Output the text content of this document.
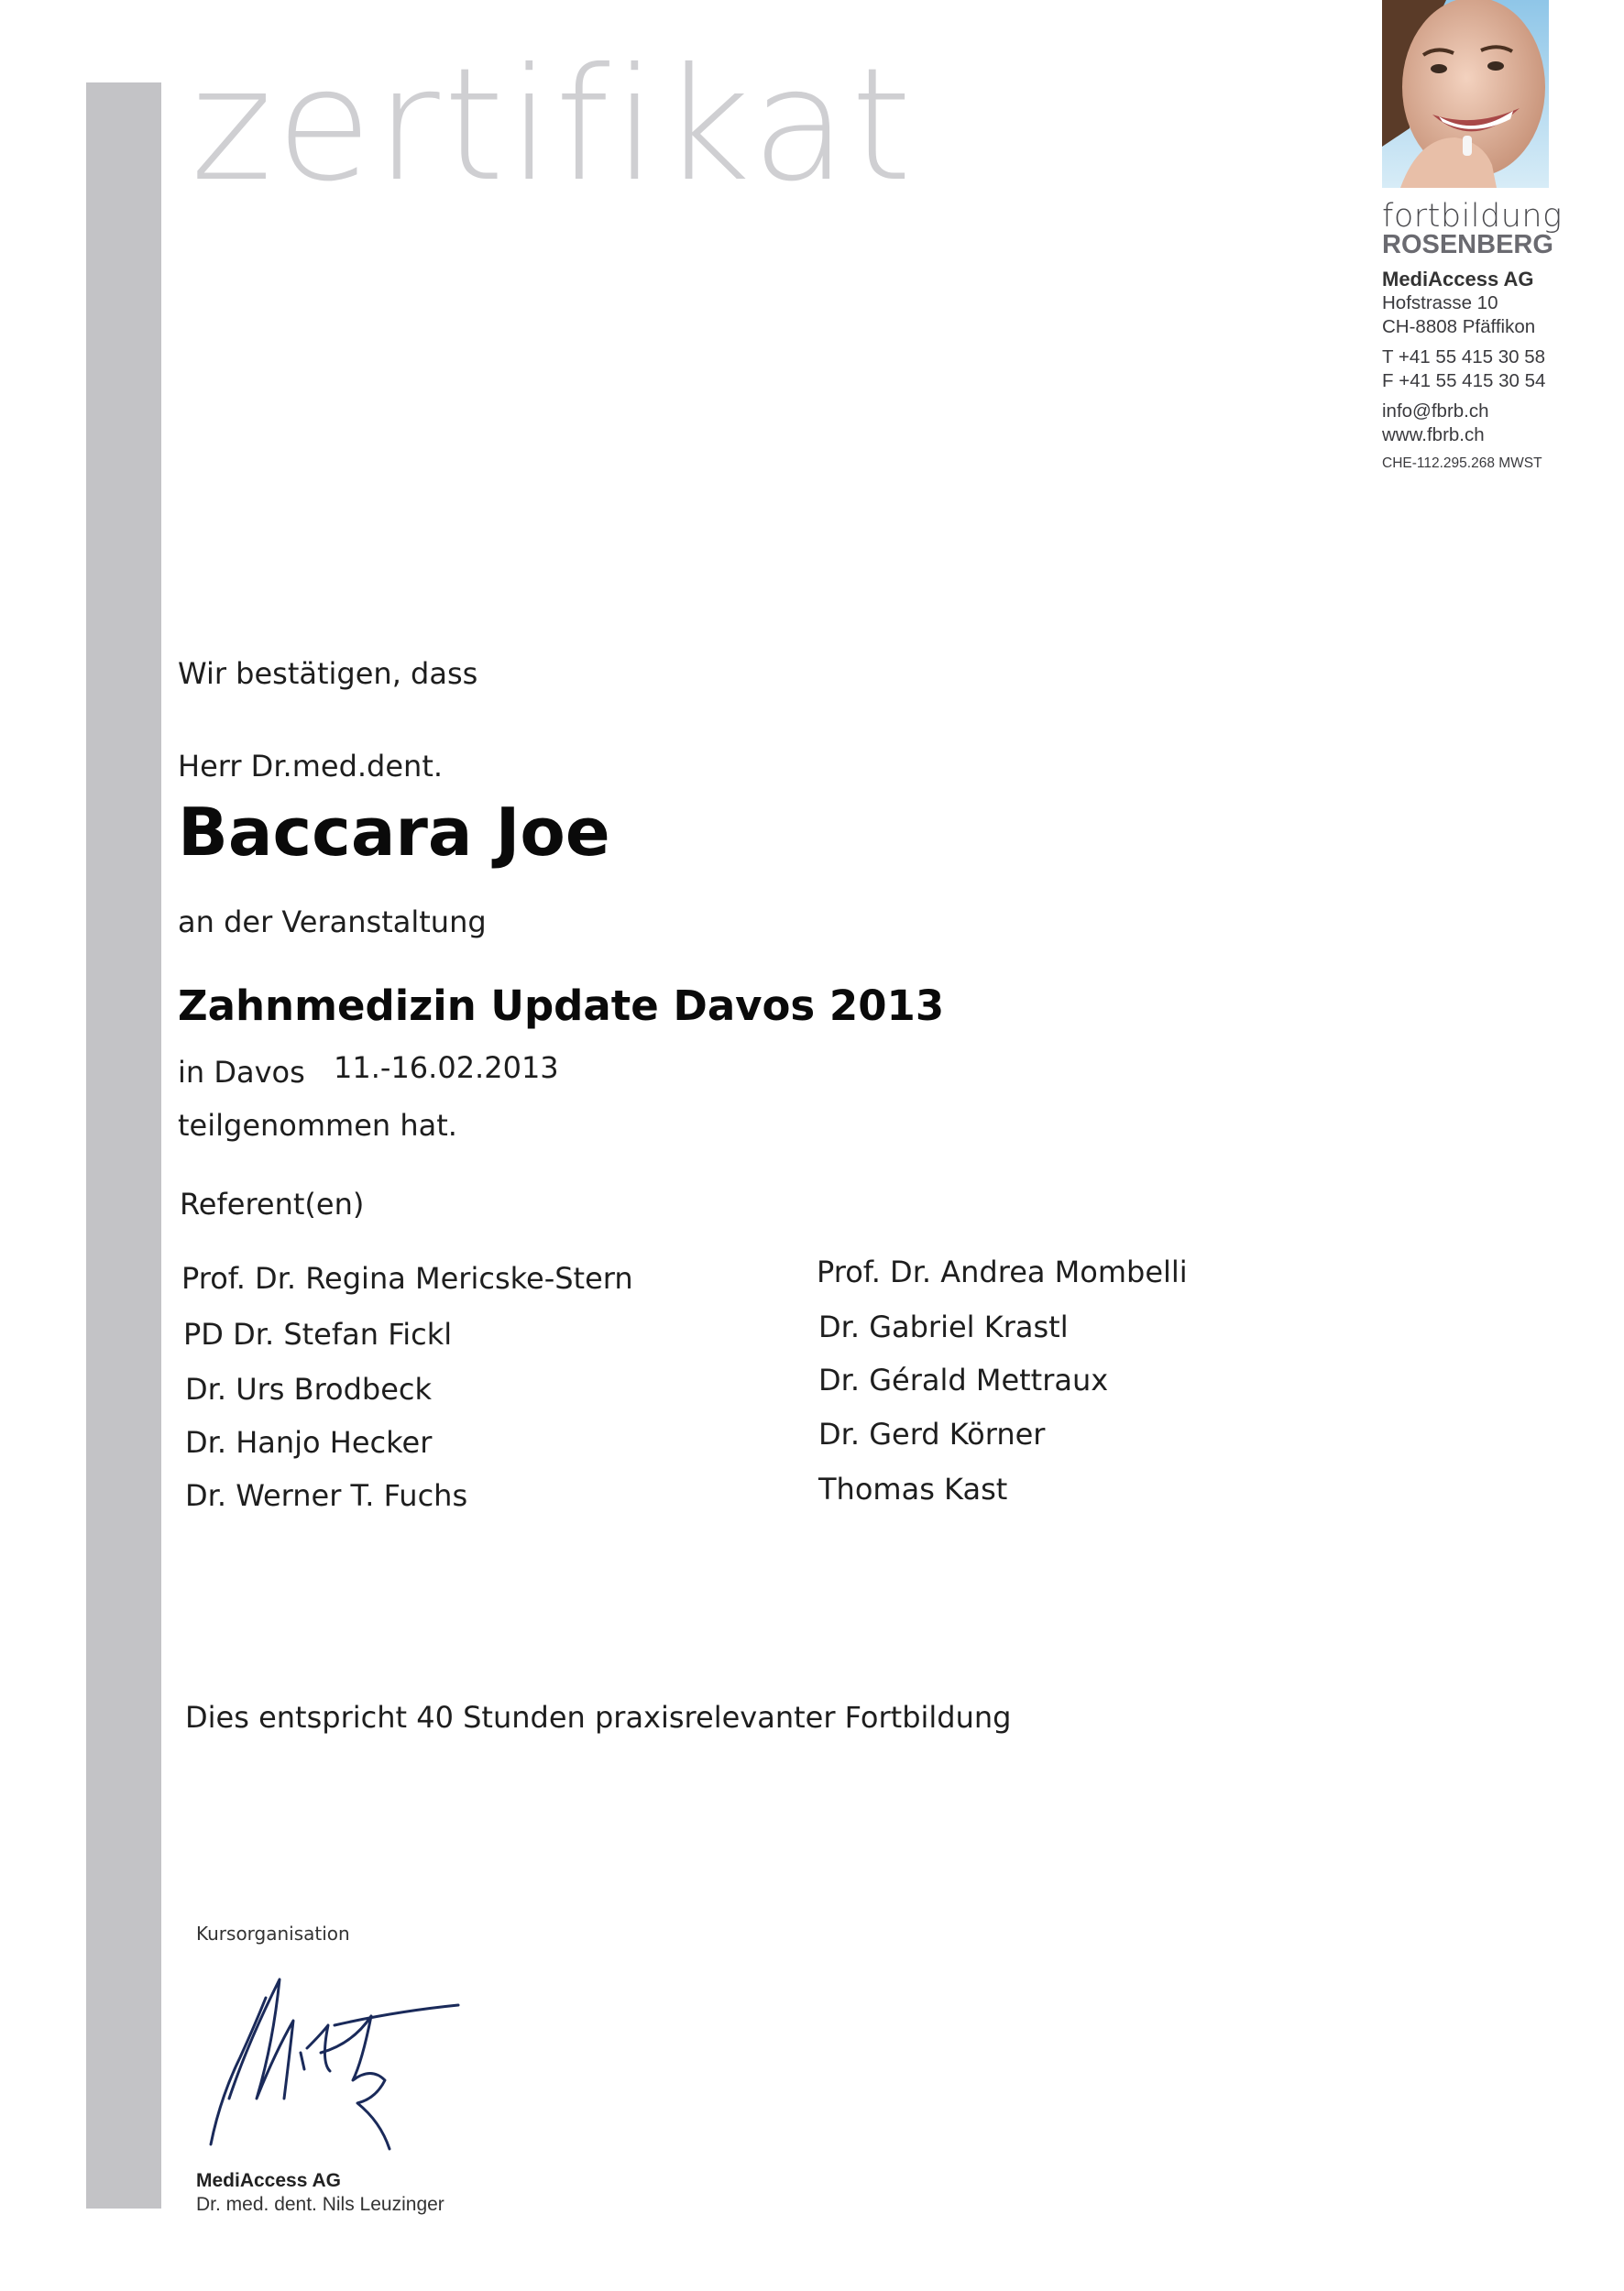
zertifikat	fortbildung
ROSENBERG
MediAccess AG
Hofstrasse 10
CH-8808 Pfäffikon
T +41 55 415 30 58
F +41 55 415 30 54
info@fbrb.ch
www.fbrb.ch
CHE-112.295.268 MWST
Wir bestätigen, dass
Herr Dr.med.dent.
Baccara Joe
an der Veranstaltung
Zahnmedizin Update Davos 2013
in Davos 11.-16.02.2013
teilgenommen hat.
Referent(en)
Prof. Dr. Regina Mericske-Stern
PD Dr. Stefan Fickl
Dr. Urs Brodbeck
Dr. Hanjo Hecker
Dr. Werner T. Fuchs
Prof. Dr. Andrea Mombelli
Dr. Gabriel Krastl
Dr. Gérald Mettraux
Dr. Gerd Körner
Thomas Kast
Dies entspricht 40 Stunden praxisrelevanter Fortbildung
Kursorganisation
MediAccess AG
Dr. med. dent. Nils Leuzinger
